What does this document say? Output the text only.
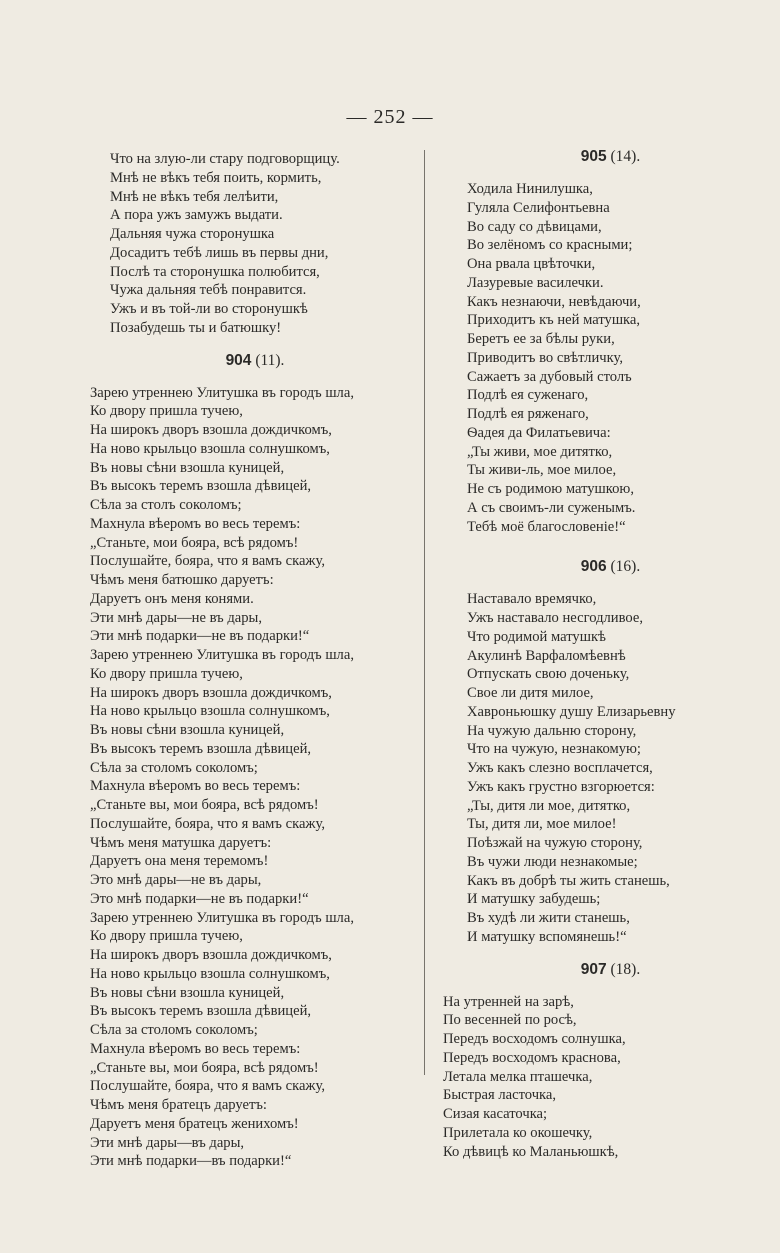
— 252 —
Что на злую-ли стару подговорщицу.
Мнѣ не вѣкъ тебя поить, кормить,
Мнѣ не вѣкъ тебя лелѣити,
А пора ужъ замужъ выдати.
Дальняя чужа сторонушка
Досадитъ тебѣ лишь въ первы дни,
Послѣ та сторонушка полюбится,
Чужа дальняя тебѣ понравится.
Ужъ и въ той-ли во сторонушкѣ
Позабудешь ты и батюшку!
904 (11).
Зарею утреннею Улитушка въ городъ шла,
Ко двору пришла тучею,
На широкъ дворъ взошла дождичкомъ,
На ново крыльцо взошла солнушкомъ,
Въ новы сѣни взошла куницей,
Въ высокъ теремъ взошла дѣвицей,
Сѣла за столъ соколомъ;
Махнула вѣеромъ во весь теремъ:
„Станьте, мои бояра, всѣ рядомъ!
Послушайте, бояра, что я вамъ скажу,
Чѣмъ меня батюшко даруетъ:
Даруетъ онъ меня конями.
Эти мнѣ дары—не въ дары,
Эти мнѣ подарки—не въ подарки!“
Зарею утреннею Улитушка въ городъ шла,
Ко двору пришла тучею,
На широкъ дворъ взошла дождичкомъ,
На ново крыльцо взошла солнушкомъ,
Въ новы сѣни взошла куницей,
Въ высокъ теремъ взошла дѣвицей,
Сѣла за столомъ соколомъ;
Махнула вѣеромъ во весь теремъ:
„Станьте вы, мои бояра, всѣ рядомъ!
Послушайте, бояра, что я вамъ скажу,
Чѣмъ меня матушка даруетъ:
Даруетъ она меня теремомъ!
Это мнѣ дары—не въ дары,
Это мнѣ подарки—не въ подарки!“
Зарею утреннею Улитушка въ городъ шла,
Ко двору пришла тучею,
На широкъ дворъ взошла дождичкомъ,
На ново крыльцо взошла солнушкомъ,
Въ новы сѣни взошла куницей,
Въ высокъ теремъ взошла дѣвицей,
Сѣла за столомъ соколомъ;
Махнула вѣеромъ во весь теремъ:
„Станьте вы, мои бояра, всѣ рядомъ!
Послушайте, бояра, что я вамъ скажу,
Чѣмъ меня братецъ даруетъ:
Даруетъ меня братецъ женихомъ!
Эти мнѣ дары—въ дары,
Эти мнѣ подарки—въ подарки!“
905 (14).
Ходила Нинилушка,
Гуляла Селифонтьевна
Во саду со дѣвицами,
Во зелёномъ со красными;
Она рвала цвѣточки,
Лазуревые василечки.
Какъ незнаючи, невѣдаючи,
Приходитъ къ ней матушка,
Беретъ ее за бѣлы руки,
Приводитъ во свѣтличку,
Сажаетъ за дубовый столъ
Подлѣ ея суженаго,
Подлѣ ея ряженаго,
Ѳадея да Филатьевича:
„Ты живи, мое дитятко,
Ты живи-ль, мое милое,
Не съ родимою матушкою,
А съ своимъ-ли суженымъ.
Тебѣ моё благословеніе!“
906 (16).
Наставало времячко,
Ужъ наставало несгодливое,
Что родимой матушкѣ
Акулинѣ Варфаломѣевнѣ
Отпускать свою доченьку,
Свое ли дитя милое,
Хавроньюшку душу Елизарьевну
На чужую дальню сторону,
Что на чужую, незнакомую;
Ужъ какъ слезно восплачется,
Ужъ какъ грустно взгорюется:
„Ты, дитя ли мое, дитятко,
Ты, дитя ли, мое милое!
Поѣзжай на чужую сторону,
Въ чужи люди незнакомые;
Какъ въ добрѣ ты жить станешь,
И матушку забудешь;
Въ худѣ ли жити станешь,
И матушку вспомянешь!“
907 (18).
На утренней на зарѣ,
По весенней по росѣ,
Передъ восходомъ солнушка,
Передъ восходомъ краснова,
Летала мелка пташечка,
Быстрая ласточка,
Сизая касаточка;
Прилетала ко окошечку,
Ко дѣвицѣ ко Маланьюшкѣ,
